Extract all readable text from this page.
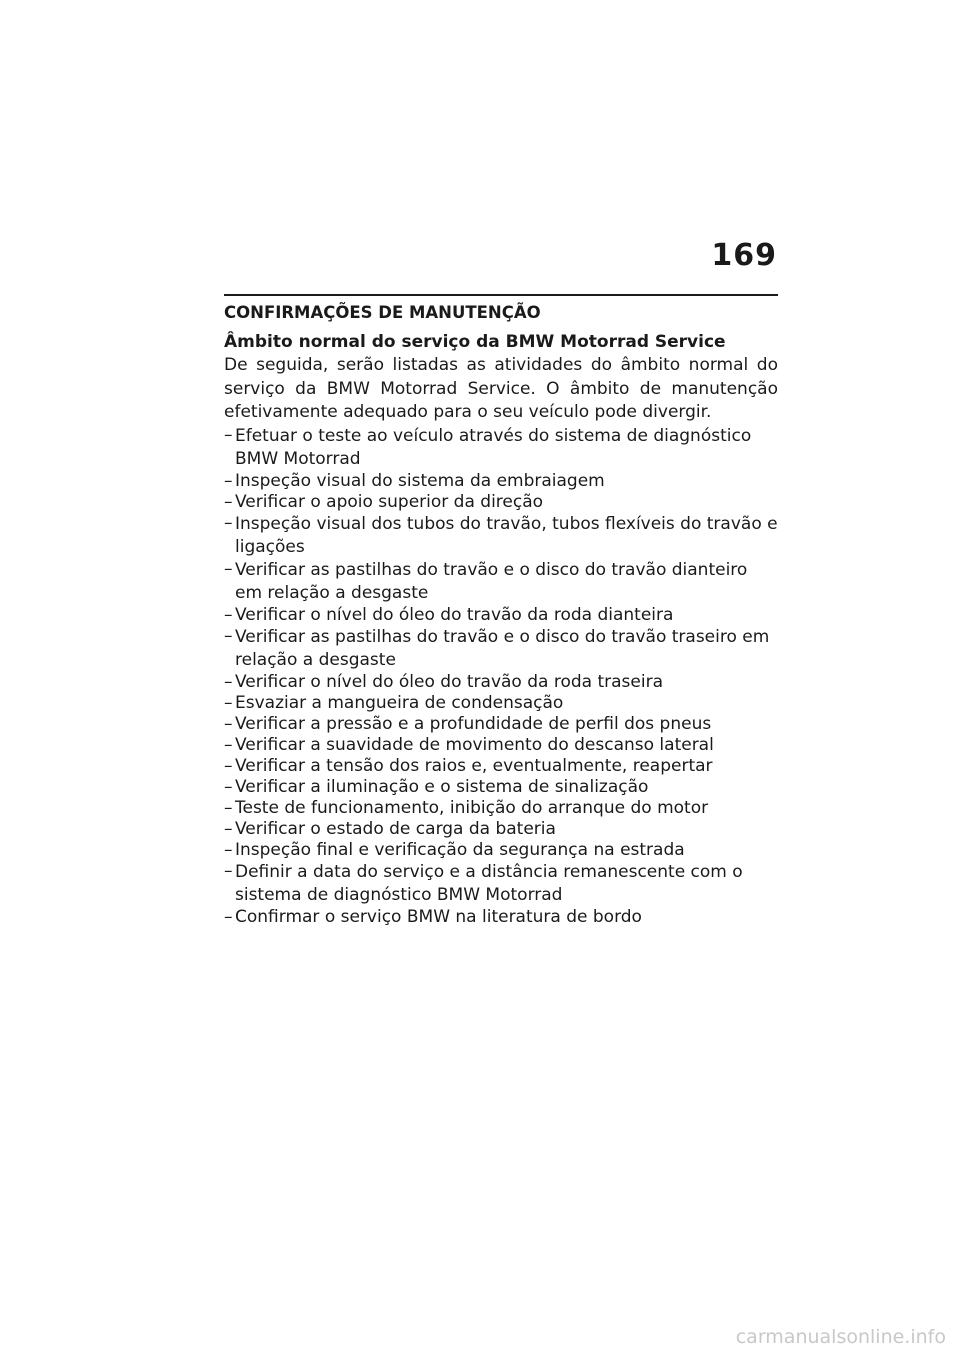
169
CONFIRMAÇÕES DE MANUTENÇÃO

Âmbito normal do serviço da BMW Motorrad Service

De seguida, serão listadas as atividades do âmbito normal do serviço da BMW Motorrad Service. O âmbito de manutenção efetivamente adequado para o seu veículo pode divergir.

– Efetuar o teste ao veículo através do sistema de diagnóstico BMW Motorrad
– Inspeção visual do sistema da embraiagem
– Verificar o apoio superior da direção
– Inspeção visual dos tubos do travão, tubos flexíveis do travão e ligações
– Verificar as pastilhas do travão e o disco do travão dianteiro em relação a desgaste
– Verificar o nível do óleo do travão da roda dianteira
– Verificar as pastilhas do travão e o disco do travão traseiro em relação a desgaste
– Verificar o nível do óleo do travão da roda traseira
– Esvaziar a mangueira de condensação
– Verificar a pressão e a profundidade de perfil dos pneus
– Verificar a suavidade de movimento do descanso lateral
– Verificar a tensão dos raios e, eventualmente, reapertar
– Verificar a iluminação e o sistema de sinalização
– Teste de funcionamento, inibição do arranque do motor
– Verificar o estado de carga da bateria
– Inspeção final e verificação da segurança na estrada
– Definir a data do serviço e a distância remanescente com o sistema de diagnóstico BMW Motorrad
– Confirmar o serviço BMW na literatura de bordo
carmanualsonline.info
